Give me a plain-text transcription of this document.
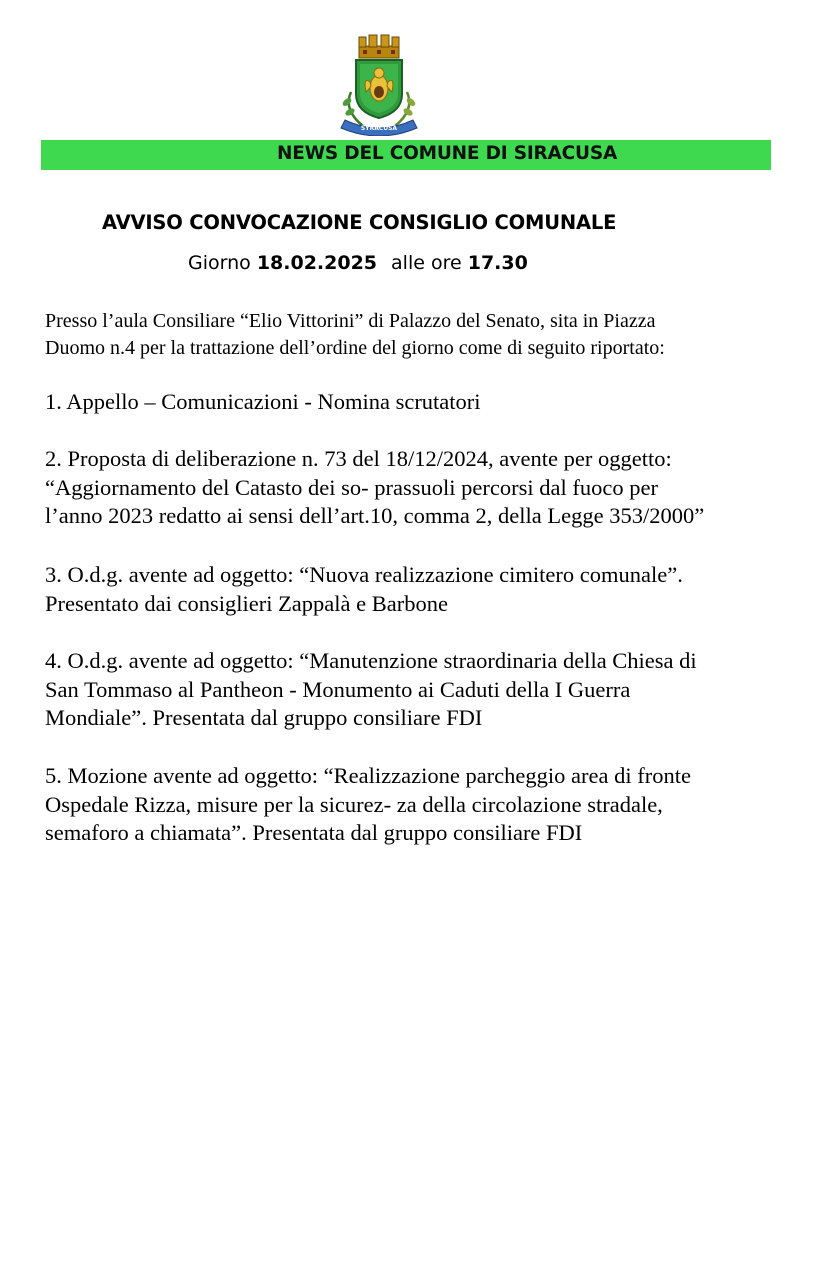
SYRACUSA
NEWS DEL COMUNE DI SIRACUSA
AVVISO CONVOCAZIONE CONSIGLIO COMUNALE
Giorno 18.02.2025 alle ore 17.30
Presso l’aula Consiliare “Elio Vittorini” di Palazzo del Senato, sita in Piazza
Duomo n.4 per la trattazione dell’ordine del giorno come di seguito riportato:
1. Appello – Comunicazioni - Nomina scrutatori
2. Proposta di deliberazione n. 73 del 18/12/2024, avente per oggetto:
“Aggiornamento del Catasto dei so- prassuoli percorsi dal fuoco per
l’anno 2023 redatto ai sensi dell’art.10, comma 2, della Legge 353/2000”
3. O.d.g. avente ad oggetto: “Nuova realizzazione cimitero comunale”.
Presentato dai consiglieri Zappalà e Barbone
4. O.d.g. avente ad oggetto: “Manutenzione straordinaria della Chiesa di
San Tommaso al Pantheon - Monumento ai Caduti della I Guerra
Mondiale”. Presentata dal gruppo consiliare FDI
5. Mozione avente ad oggetto: “Realizzazione parcheggio area di fronte
Ospedale Rizza, misure per la sicurez- za della circolazione stradale,
semaforo a chiamata”. Presentata dal gruppo consiliare FDI
